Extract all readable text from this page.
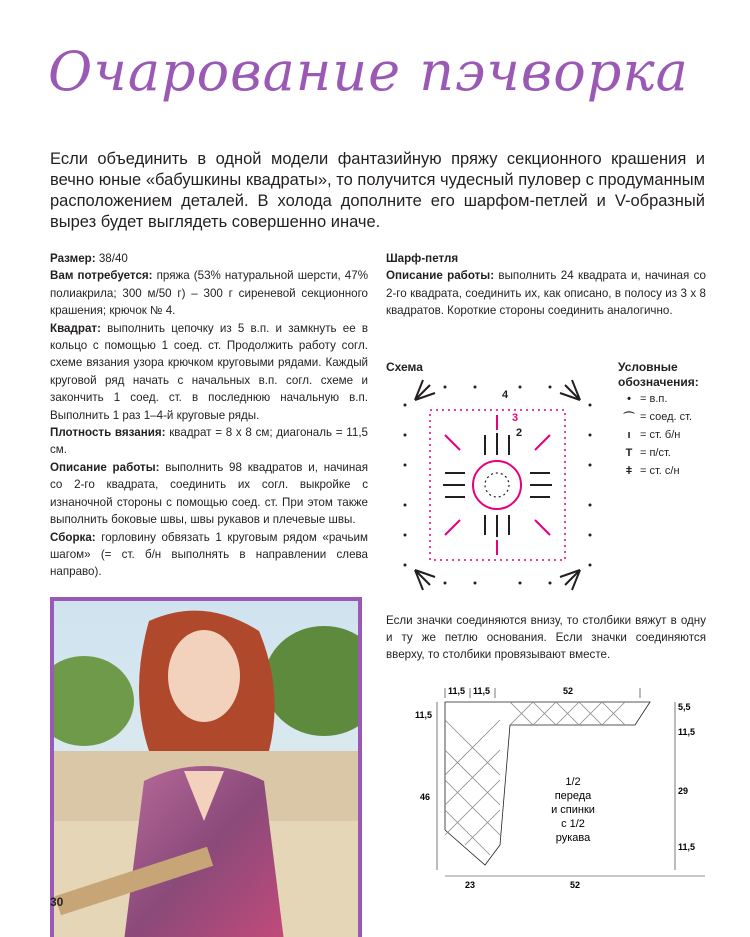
Очарование пэчворка

Если объединить в одной модели фантазийную пряжу секционного крашения и вечно юные «бабушкины квадраты», то получится чудесный пуловер с продуманным расположением деталей. В холода дополните его шарфом-петлей и V-образный вырез будет выглядеть совершенно иначе.

Размер: 38/40

Вам потребуется: пряжа (53% натуральной шерсти, 47% полиакрила; 300 м/50 г) – 300 г сиреневой секционного крашения; крючок № 4.

Квадрат: выполнить цепочку из 5 в.п. и замкнуть ее в кольцо с помощью 1 соед. ст. Продолжить работу согл. схеме вязания узора крючком круговыми рядами. Каждый круговой ряд начать с начальных в.п. согл. схеме и закончить 1 соед. ст. в последнюю начальную в.п. Выполнить 1 раз 1–4-й круговые ряды.

Плотность вязания: квадрат = 8 х 8 см; диагональ = 11,5 см.

Описание работы: выполнить 98 квадратов и, начиная со 2-го квадрата, соединить их согл. выкройке с изнаночной стороны с помощью соед. ст. При этом также выполнить боковые швы, швы рукавов и плечевые швы.

Сборка: горловину обвязать 1 круговым рядом «рачьим шагом» (= ст. б/н выполнять в направлении слева направо).

Шарф-петля

Описание работы: выполнить 24 квадрата и, начиная со 2-го квадрата, соединить их, как описано, в полосу из 3 х 8 квадратов. Короткие стороны соединить аналогично.

Схема
2
3
4
Условные
обозначения:
• = в.п.
⌒ = соед. ст.
ı = ст. б/н
T = п/ст.
ǂ = ст. с/н

Если значки соединяются внизу, то столбики вяжут в одну и ту же петлю основания. Если значки соединяются вверху, то столбики провязывают вместе.

11,5 11,5	52
11,5
46
5,5
11,5
29
11,5
23	52
1/2
переда
и спинки
с 1/2
рукава
30
